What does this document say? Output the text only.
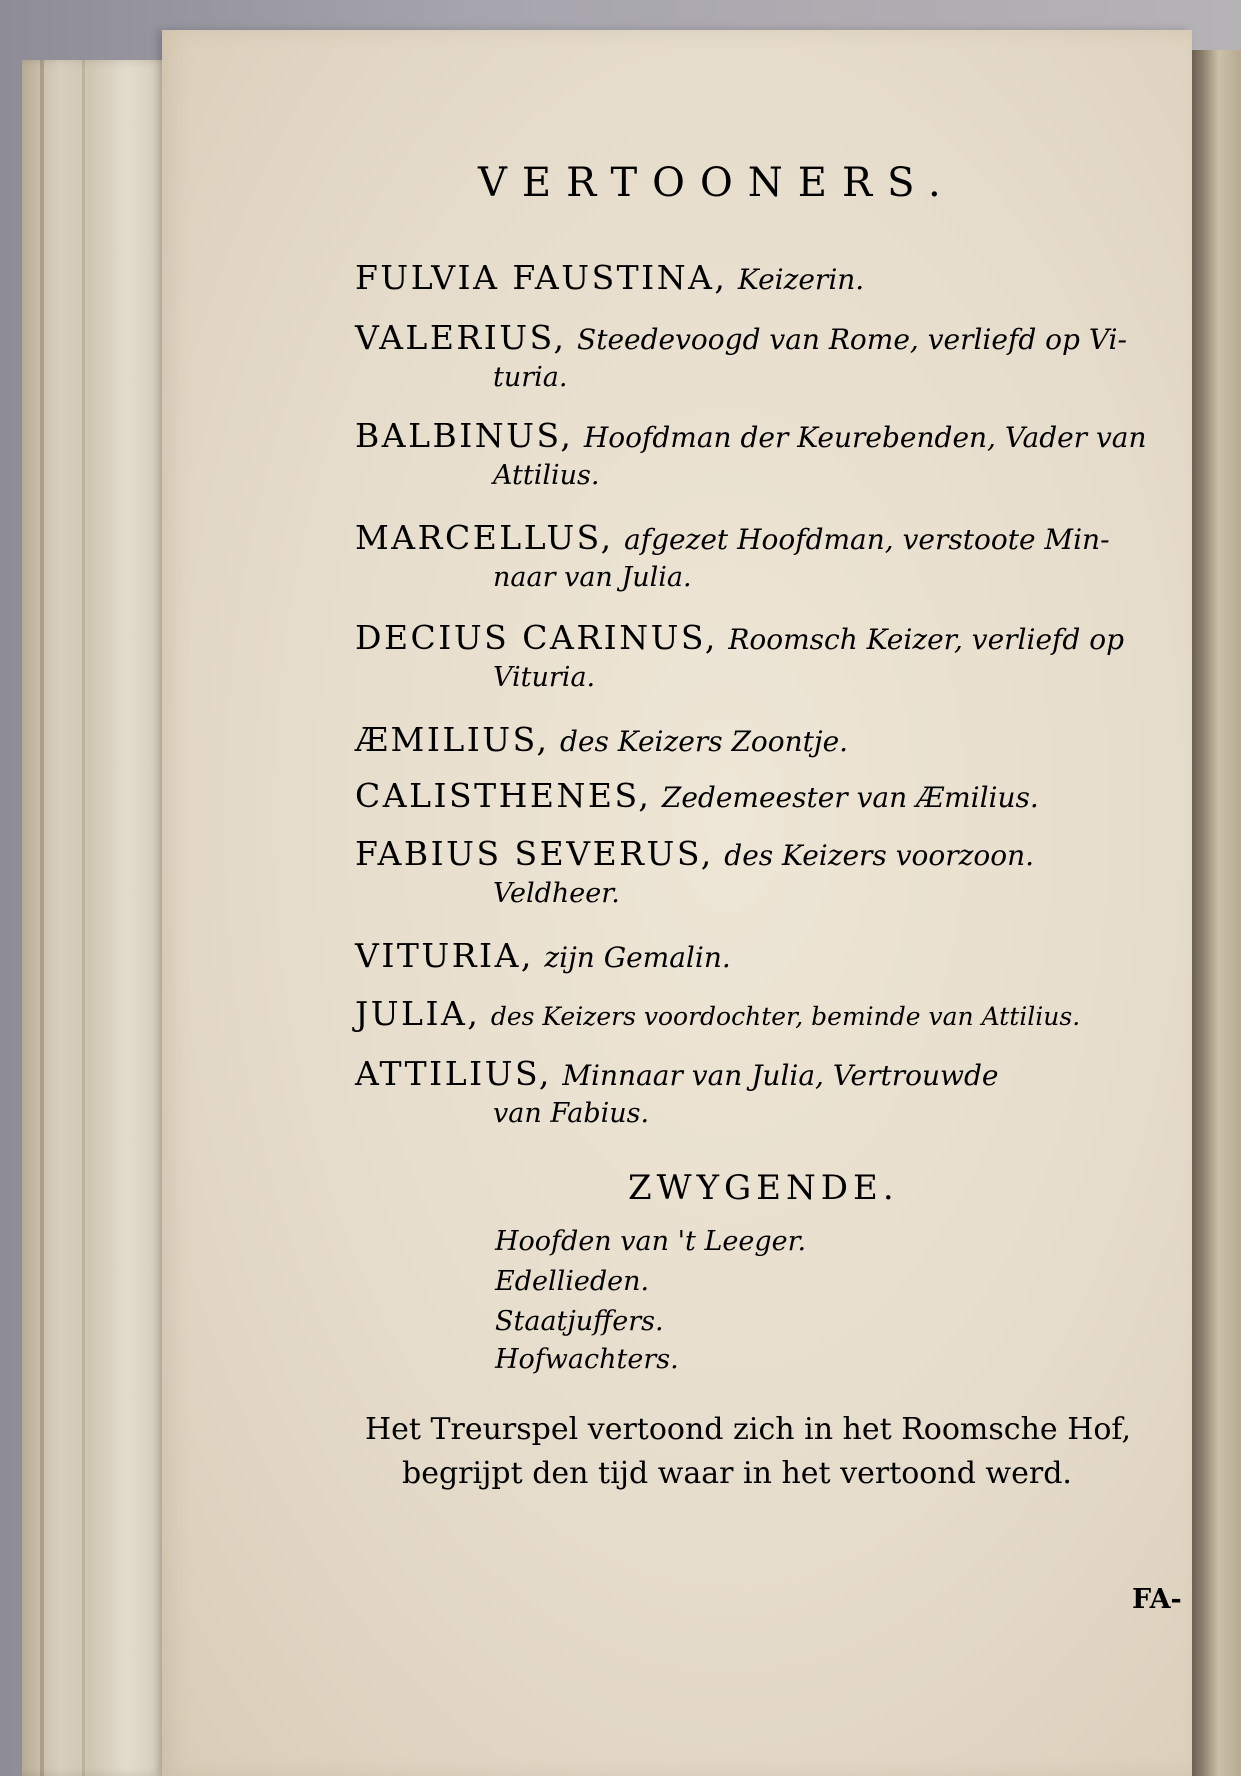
VERTOONERS.
FULVIA FAUSTINA, Keizerin.
VALERIUS, Steedevoogd van Rome, verliefd op Vi-
turia.
BALBINUS, Hoofdman der Keurebenden, Vader van
Attilius.
MARCELLUS, afgezet Hoofdman, verstoote Min-
naar van Julia.
DECIUS CARINUS, Roomsch Keizer, verliefd op
Vituria.
ÆMILIUS, des Keizers Zoontje.
CALISTHENES, Zedemeester van Æmilius.
FABIUS SEVERUS, des Keizers voorzoon.
Veldheer.
VITURIA, zijn Gemalin.
JULIA, des Keizers voordochter, beminde van Attilius.
ATTILIUS, Minnaar van Julia, Vertrouwde
van Fabius.
ZWYGENDE.
Hoofden van 't Leeger.
Edellieden.
Staatjuffers.
Hofwachters.
Het Treurspel vertoond zich in het Roomsche Hof,
begrijpt den tijd waar in het vertoond werd.
FA-
